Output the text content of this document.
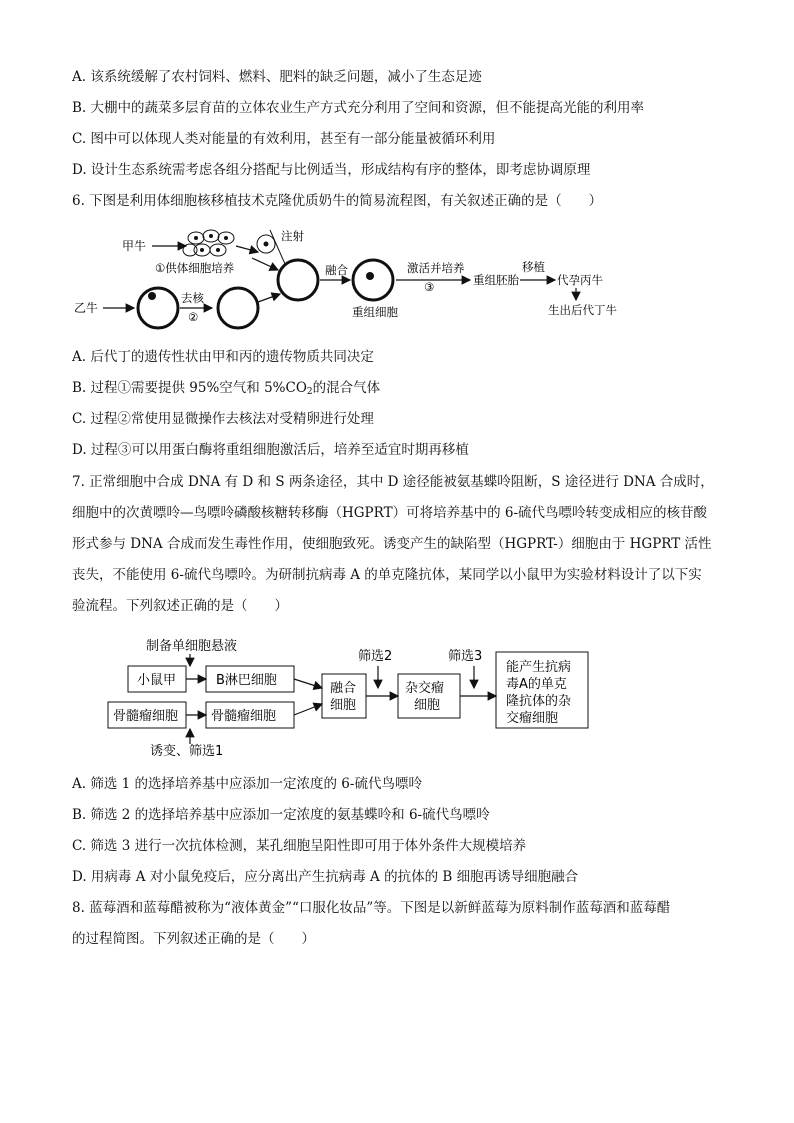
A. 该系统缓解了农村饲料、燃料、肥料的缺乏问题，减小了生态足迹
B. 大棚中的蔬菜多层育苗的立体农业生产方式充分利用了空间和资源，但不能提高光能的利用率
C. 图中可以体现人类对能量的有效利用，甚至有一部分能量被循环利用
D. 设计生态系统需考虑各组分搭配与比例适当，形成结构有序的整体，即考虑协调原理
6. 下图是利用体细胞核移植技术克隆优质奶牛的简易流程图，有关叙述正确的是（　　）
甲牛
①供体细胞培养
注射
乙牛
去核
②
融合
重组细胞
激活并培养
③	重组胚胎
移植
代孕丙牛
生出后代丁牛
A. 后代丁的遗传性状由甲和丙的遗传物质共同决定
B. 过程①需要提供 95%空气和 $5\%CO_2$的混合气体
C. 过程②常使用显微操作去核法对受精卵进行处理
D. 过程③可以用蛋白酶将重组细胞激活后，培养至适宜时期再移植
7. 正常细胞中合成 DNA 有 D 和 S 两条途径，其中 D 途径能被氨基蝶呤阻断，S 途径进行 DNA 合成时，
细胞中的次黄嘌呤—鸟嘌呤磷酸核糖转移酶（HGPRT）可将培养基中的 6-硫代鸟嘌呤转变成相应的核苷酸
形式参与 DNA 合成而发生毒性作用，使细胞致死。诱变产生的缺陷型（HGPRT-）细胞由于 HGPRT 活性
丧失，不能使用 6-硫代鸟嘌呤。为研制抗病毒 A 的单克隆抗体，某同学以小鼠甲为实验材料设计了以下实
验流程。下列叙述正确的是（　　）
制备单细胞悬液
小鼠甲	B淋巴细胞
骨髓瘤细胞	骨髓瘤细胞
诱变、筛选1
融合
细胞
筛选2
杂交瘤
细胞
筛选3
能产生抗病
毒A的单克
隆抗体的杂
交瘤细胞
A. 筛选 1 的选择培养基中应添加一定浓度的 6-硫代鸟嘌呤
B. 筛选 2 的选择培养基中应添加一定浓度的氨基蝶呤和 6-硫代鸟嘌呤
C. 筛选 3 进行一次抗体检测，某孔细胞呈阳性即可用于体外条件大规模培养
D. 用病毒 A 对小鼠免疫后，应分离出产生抗病毒 A 的抗体的 B 细胞再诱导细胞融合
8. 蓝莓酒和蓝莓醋被称为“液体黄金”“口服化妆品”等。下图是以新鲜蓝莓为原料制作蓝莓酒和蓝莓醋
的过程简图。下列叙述正确的是（　　）
